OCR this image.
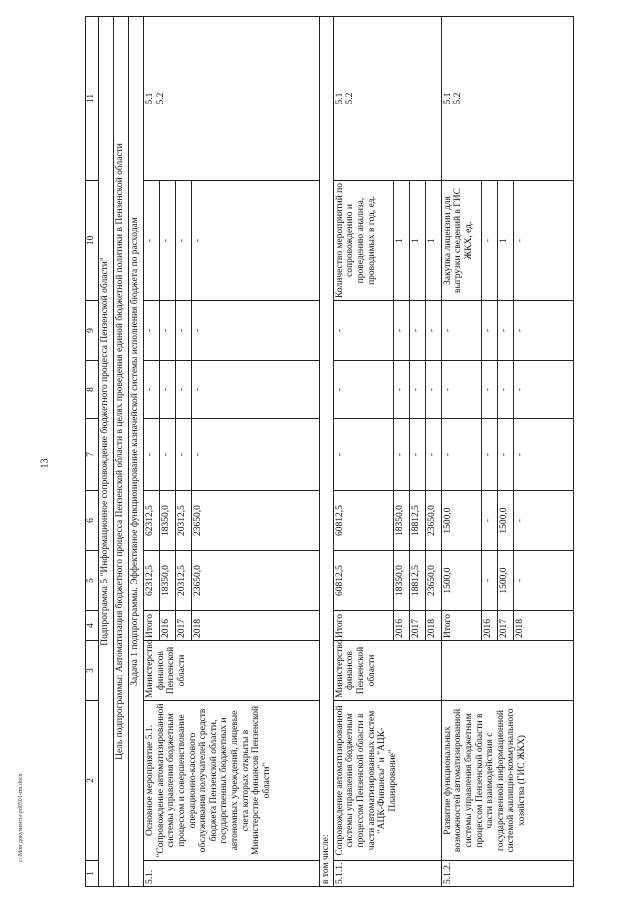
13
c:\Мои документы\pd0501-rm.docx
1	2	3	4	5	6	7	8	9	10	11
Подпрограмма 5 "Информационное сопровождение бюджетного процесса Пензенской области"										
Цель подпрограммы: Автоматизация бюджетного процесса Пензенской области в целях проведения единой бюджетной политики в Пензенской области										
Задача 1 подпрограммы. Эффективное функционирование казначейской системы исполнения бюджета по расходам										
5.1.	Основное мероприятие 5.1. "Сопровождение автоматизированной системы управления бюджетным процессом и совершенствование операционно-кассового обслуживания получателей средств бюджета Пензенской области, государственных бюджетных и автономных учреждений, лицевые счета которых открыты в Министерстве финансов Пензенской области"	Министерство финансов Пензенской области	Итого	62312,5	62312,5	-	-	-	-	5.1
5.2
			2016	18350,0	18350,0	-	-	-	-	
			2017	20312,5	20312,5	-	-	-	-	
			2018	23650,0	23650,0	-	-	-	-	
в том числе:										
5.1.1.	Сопровождение автоматизированной системы управления бюджетным процессом Пензенской области в части автоматизированных систем "АЦК-Финансы" и "АЦК-Планирование"	Министерство финансов Пензенской области	Итого	60812,5	60812,5	-	-	-	Количество мероприятий по сопровождению и проведению анализа, проводимых в год, ед.	5.1
5.2
			2016	18350,0	18350,0	-	-	-	1	
			2017	18812,5	18812,5	-	-	-	1	
			2018	23650,0	23650,0	-	-	-	1	
5.1.2.	Развитие функциональных возможностей автоматизированной системы управления бюджетным процессом Пензенской области в части взаимодействия с государственной информационной системой жилищно-коммунального хозяйства (ГИС ЖКХ)		Итого	1500,0	1500,0	-	-	-	Закупка лицензии для выгрузки сведений в ГИС ЖКХ, ед.	5.1
5.2
			2016	-	-	-	-	-	-	
			2017	1500,0	1500,0	-	-	-	1	
			2018	-	-	-	-	-	-	
